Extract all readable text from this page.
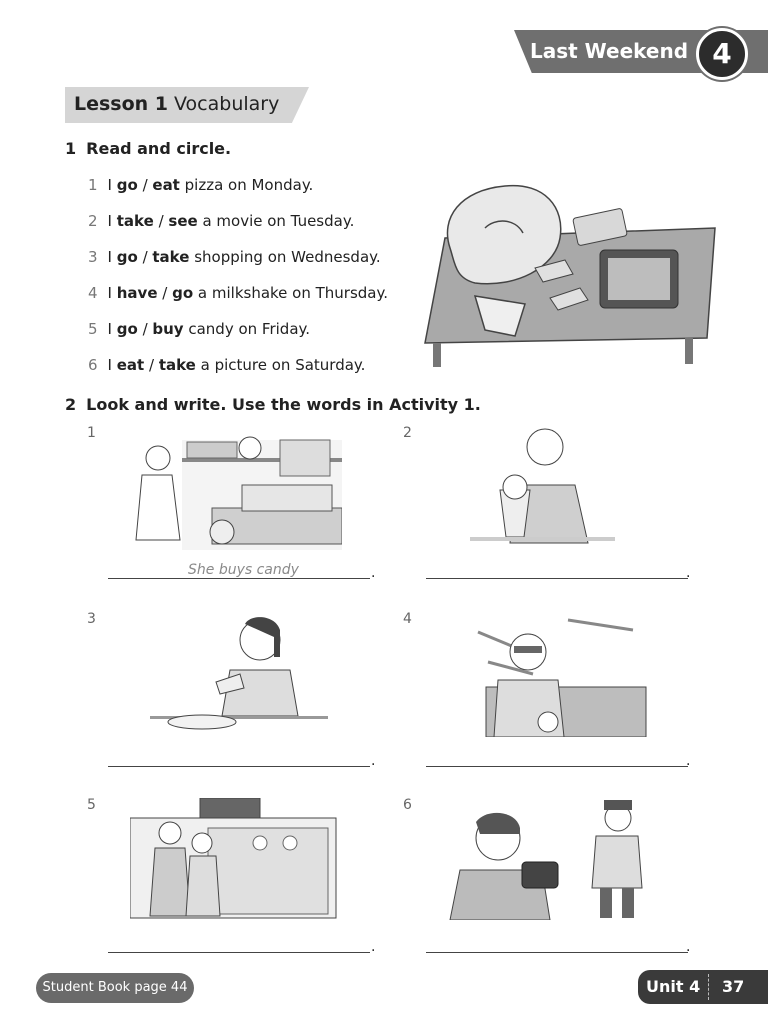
Last Weekend 4
Lesson 1 Vocabulary
1 Read and circle.
1 I go / eat pizza on Monday.
2 I take / see a movie on Tuesday.
3 I go / take shopping on Wednesday.
4 I have / go a milkshake on Thursday.
5 I go / buy candy on Friday.
6 I eat / take a picture on Saturday.
2 Look and write. Use the words in Activity 1.
1
She buys candy	.
2
.
3
.
4
.
5
.
6
.
Student Book page 44	Unit 4 37
